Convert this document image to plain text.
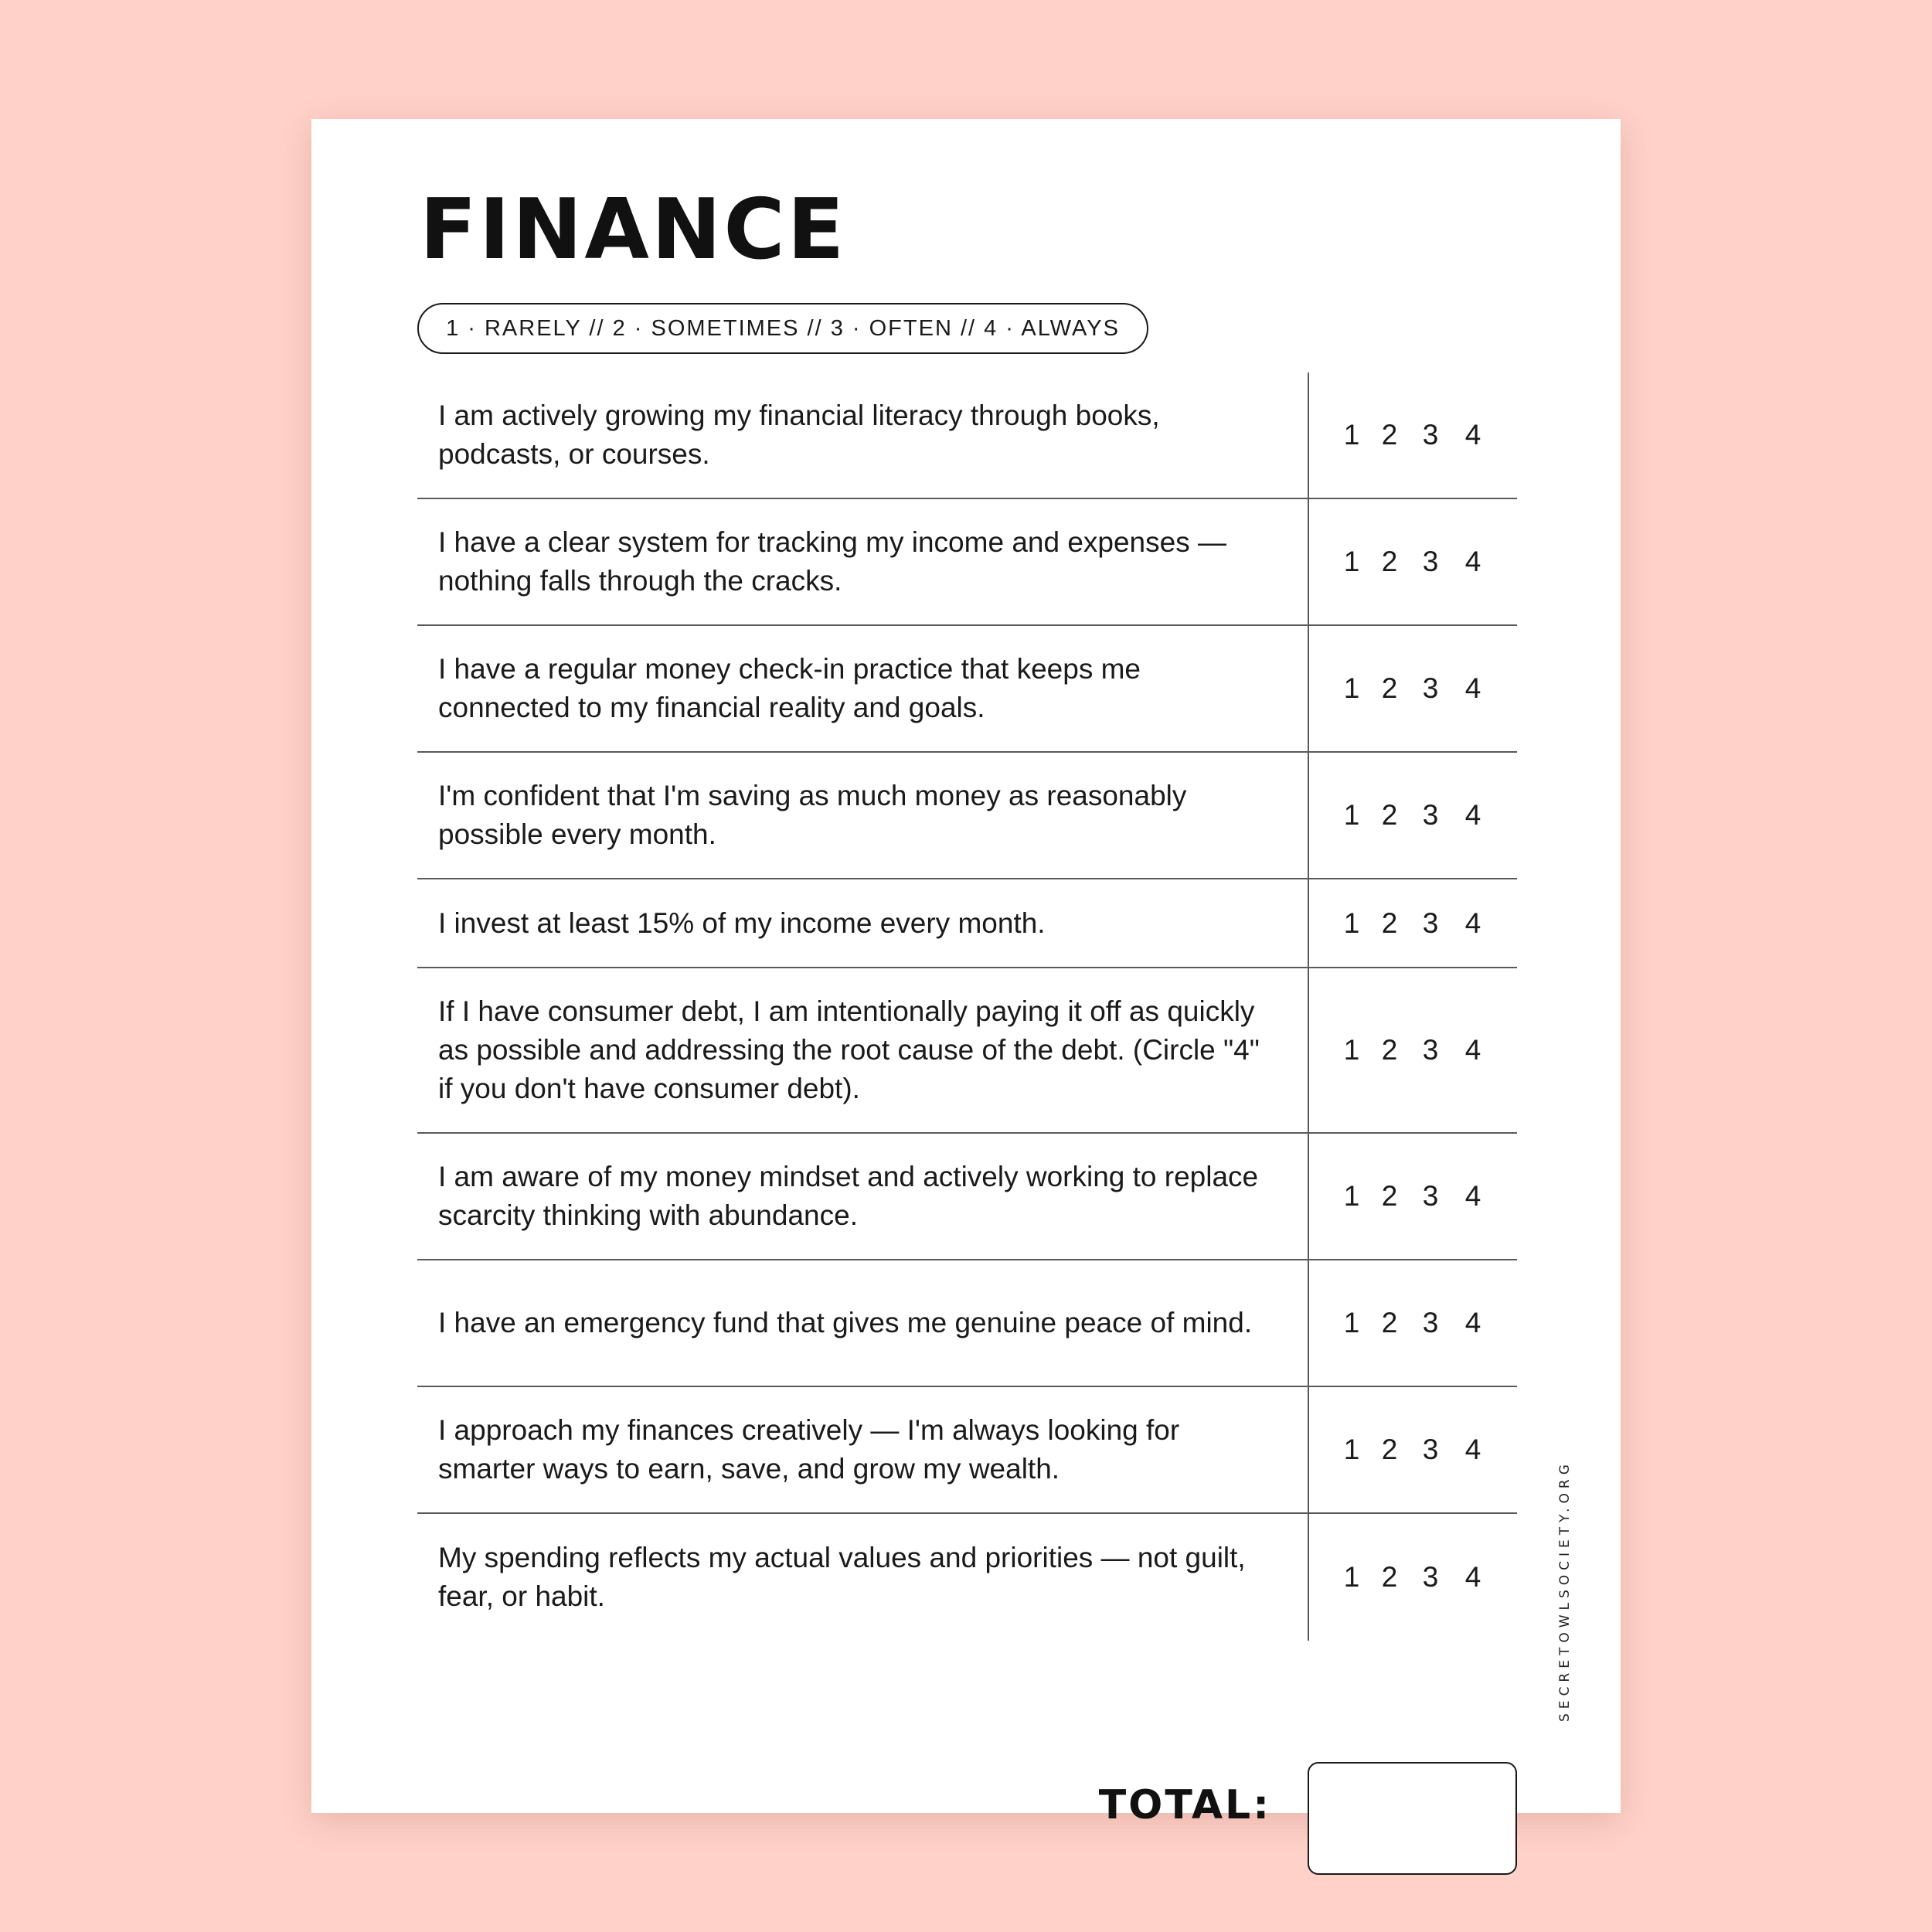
FINANCE
1 · RARELY // 2 · SOMETIMES // 3 · OFTEN // 4 · ALWAYS
I am actively growing my financial literacy through books, podcasts, or courses.
1 2 3 4
I have a clear system for tracking my income and expenses — nothing falls through the cracks.
1 2 3 4
I have a regular money check-in practice that keeps me connected to my financial reality and goals.
1 2 3 4
I'm confident that I'm saving as much money as reasonably possible every month.
1 2 3 4
I invest at least 15% of my income every month.	1 2 3 4
If I have consumer debt, I am intentionally paying it off as quickly as possible and addressing the root cause of the debt. (Circle "4" if you don't have consumer debt).
1 2 3 4
I am aware of my money mindset and actively working to replace scarcity thinking with abundance.
1 2 3 4
I have an emergency fund that gives me genuine peace of mind.	1 2 3 4
I approach my finances creatively — I'm always looking for smarter ways to earn, save, and grow my wealth.
1 2 3 4
My spending reflects my actual values and priorities — not guilt, fear, or habit.
1 2 3 4
TOTAL:
SECRETOWLSOCIETY.ORG
